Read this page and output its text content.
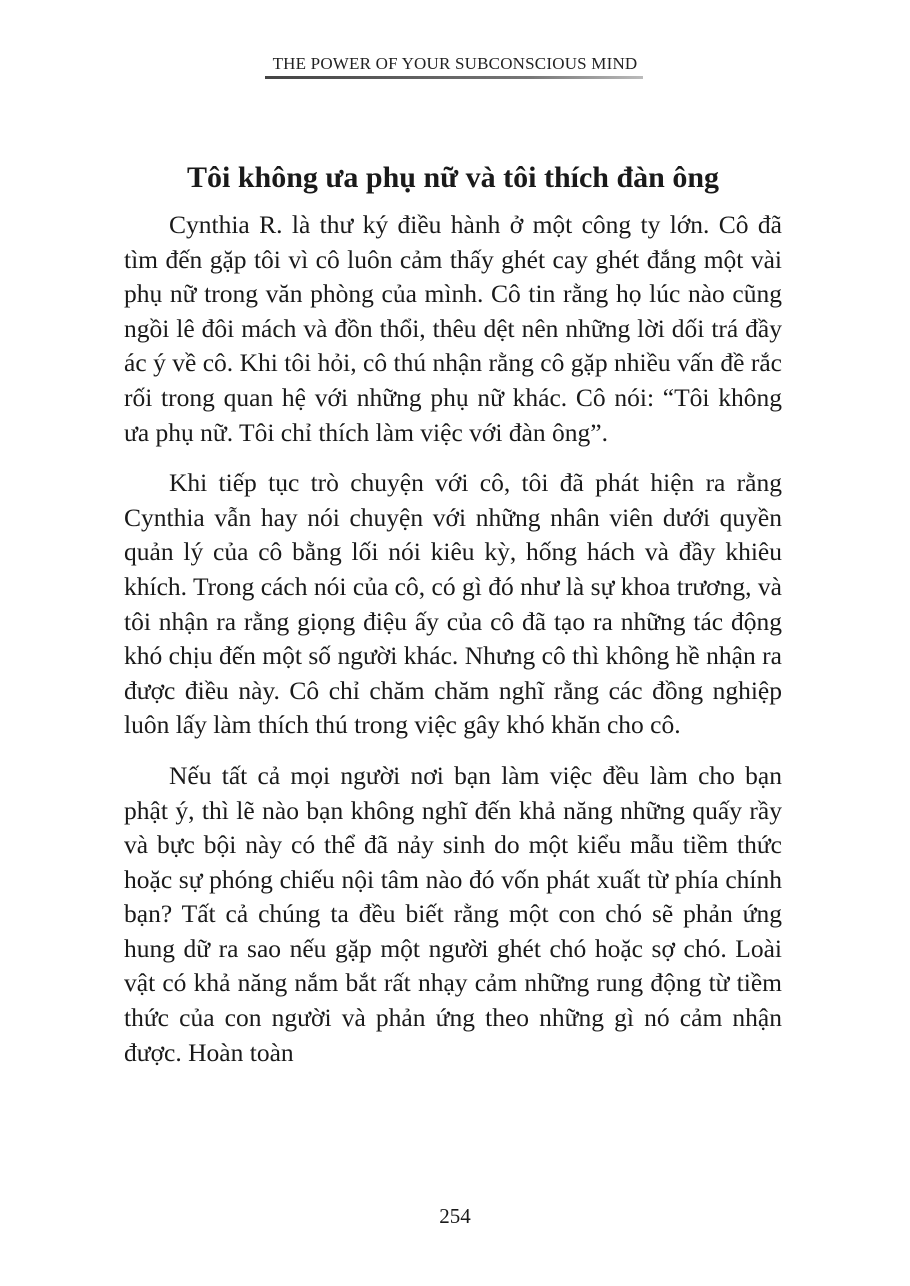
THE POWER OF YOUR SUBCONSCIOUS MIND
Tôi không ưa phụ nữ và tôi thích đàn ông

Cynthia R. là thư ký điều hành ở một công ty lớn. Cô đã tìm đến gặp tôi vì cô luôn cảm thấy ghét cay ghét đắng một vài phụ nữ trong văn phòng của mình. Cô tin rằng họ lúc nào cũng ngồi lê đôi mách và đồn thổi, thêu dệt nên những lời dối trá đầy ác ý về cô. Khi tôi hỏi, cô thú nhận rằng cô gặp nhiều vấn đề rắc rối trong quan hệ với những phụ nữ khác. Cô nói: “Tôi không ưa phụ nữ. Tôi chỉ thích làm việc với đàn ông”.

Khi tiếp tục trò chuyện với cô, tôi đã phát hiện ra rằng Cynthia vẫn hay nói chuyện với những nhân viên dưới quyền quản lý của cô bằng lối nói kiêu kỳ, hống hách và đầy khiêu khích. Trong cách nói của cô, có gì đó như là sự khoa trương, và tôi nhận ra rằng giọng điệu ấy của cô đã tạo ra những tác động khó chịu đến một số người khác. Nhưng cô thì không hề nhận ra được điều này. Cô chỉ chăm chăm nghĩ rằng các đồng nghiệp luôn lấy làm thích thú trong việc gây khó khăn cho cô.

Nếu tất cả mọi người nơi bạn làm việc đều làm cho bạn phật ý, thì lẽ nào bạn không nghĩ đến khả năng những quấy rầy và bực bội này có thể đã nảy sinh do một kiểu mẫu tiềm thức hoặc sự phóng chiếu nội tâm nào đó vốn phát xuất từ phía chính bạn? Tất cả chúng ta đều biết rằng một con chó sẽ phản ứng hung dữ ra sao nếu gặp một người ghét chó hoặc sợ chó. Loài vật có khả năng nắm bắt rất nhạy cảm những rung động từ tiềm thức của con người và phản ứng theo những gì nó cảm nhận được. Hoàn toàn

254
